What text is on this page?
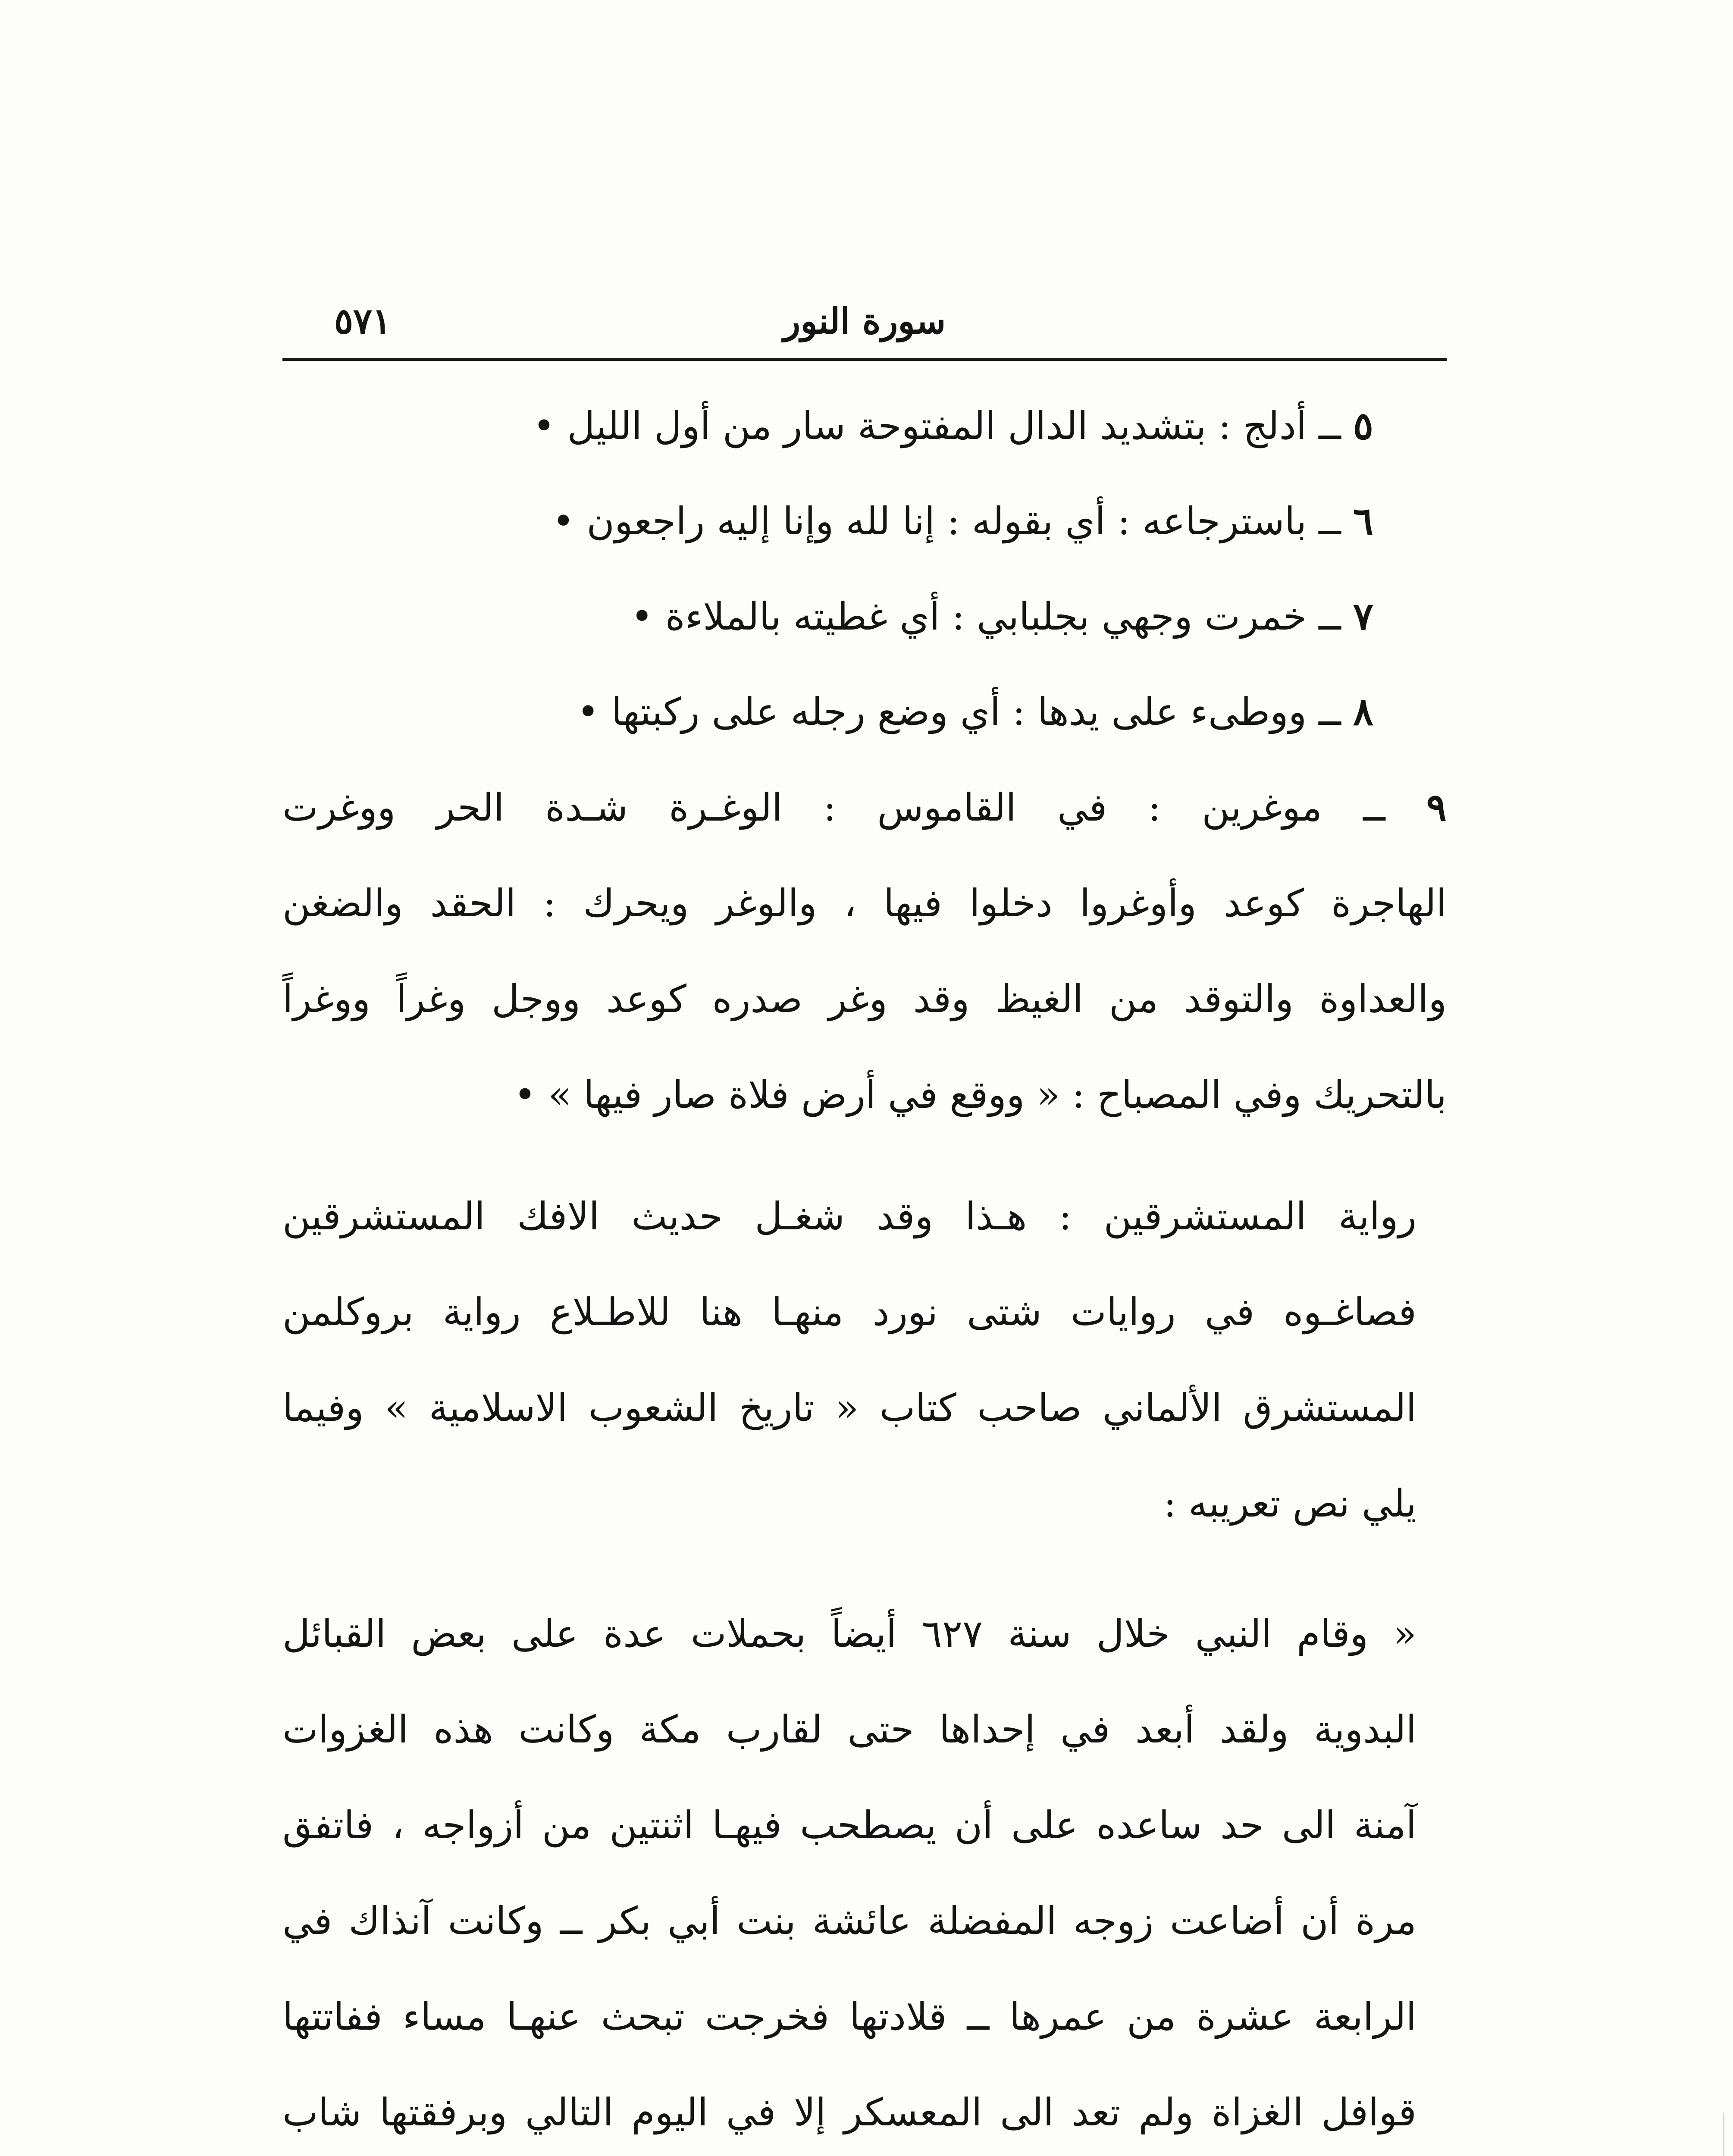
سورة النور
٥٧١
٥ ــ أدلج : بتشديد الدال المفتوحة سار من أول الليل •
٦ ــ باسترجاعه : أي بقوله : إنا لله وإنا إليه راجعون •
٧ ــ خمرت وجهي بجلبابي : أي غطيته بالملاءة •
٨ ــ ووطىء على يدها : أي وضع رجله على ركبتها •
٩ ــ موغرين : في القاموس : الوغـرة شـدة الحر ووغرت
الهاجرة كوعد وأوغروا دخلوا فيها ، والوغر ويحرك : الحقد والضغن
والعداوة والتوقد من الغيظ وقد وغر صدره كوعد ووجل وغراً ووغراً
بالتحريك وفي المصباح : « ووقع في أرض فلاة صار فيها » •
رواية المستشرقين : هـذا وقد شغـل حديث الافك المستشرقين
فصاغـوه في روايات شتى نورد منهـا هنا للاطـلاع رواية بروكلمن
المستشرق الألماني صاحب كتاب « تاريخ الشعوب الاسلامية » وفيما
يلي نص تعريبه :
« وقام النبي خلال سنة ٦٢٧ أيضاً بحملات عدة على بعض القبائل
البدوية ولقد أبعد في إحداها حتى لقارب مكة وكانت هذه الغزوات
آمنة الى حد ساعده على أن يصطحب فيهـا اثنتين من أزواجه ، فاتفق
مرة أن أضاعت زوجه المفضلة عائشة بنت أبي بكر ــ وكانت آنذاك في
الرابعة عشرة من عمرها ــ قلادتها فخرجت تبحث عنهـا مساء ففاتتها
قوافل الغزاة ولم تعد الى المعسكر إلا في اليوم التالي وبرفقتها شاب
